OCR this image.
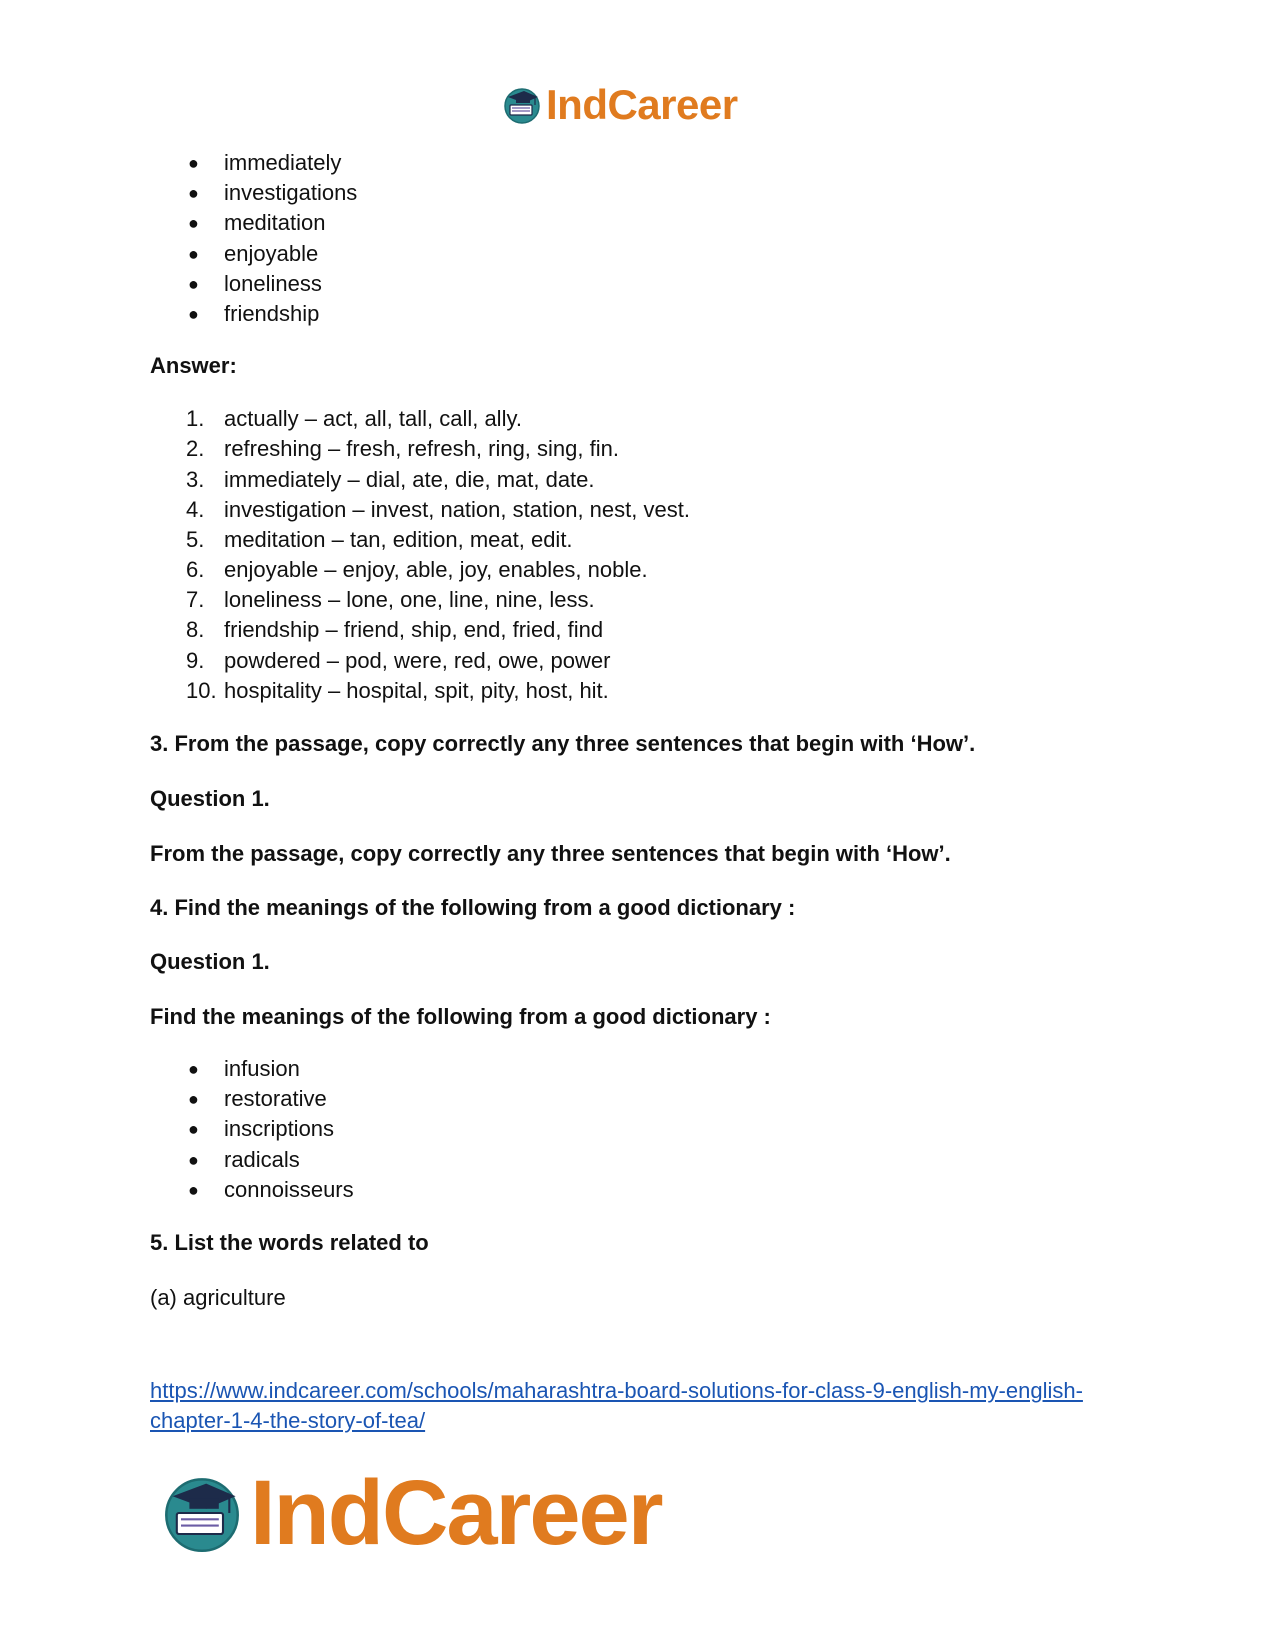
IndCareer
● immediately
● investigations
● meditation
● enjoyable
● loneliness
● friendship

Answer:

1. actually – act, all, tall, call, ally.
2. refreshing – fresh, refresh, ring, sing, fin.
3. immediately – dial, ate, die, mat, date.
4. investigation – invest, nation, station, nest, vest.
5. meditation – tan, edition, meat, edit.
6. enjoyable – enjoy, able, joy, enables, noble.
7. loneliness – lone, one, line, nine, less.
8. friendship – friend, ship, end, fried, find
9. powdered – pod, were, red, owe, power
10. hospitality – hospital, spit, pity, host, hit.

3. From the passage, copy correctly any three sentences that begin with ‘How’.

Question 1.

From the passage, copy correctly any three sentences that begin with ‘How’.

4. Find the meanings of the following from a good dictionary :

Question 1.

Find the meanings of the following from a good dictionary :

● infusion
● restorative
● inscriptions
● radicals
● connoisseurs

5. List the words related to

(a) agriculture

https://www.indcareer.com/schools/maharashtra-board-solutions-for-class-9-english-my-english-
chapter-1-4-the-story-of-tea/
IndCareer
